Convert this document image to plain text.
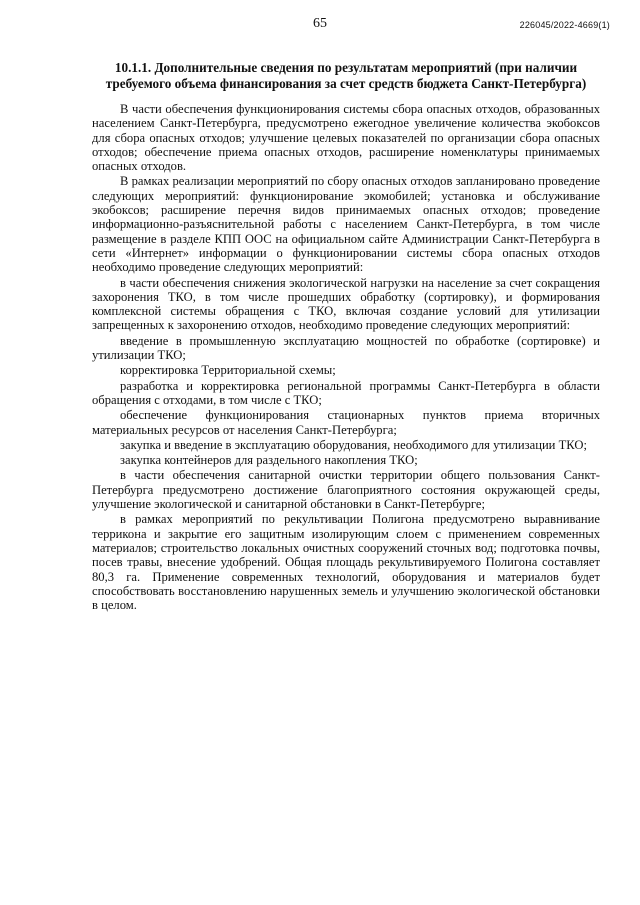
65	226045/2022-4669(1)
10.1.1. Дополнительные сведения по результатам мероприятий (при наличии требуемого объема финансирования за счет средств бюджета Санкт-Петербурга)

В части обеспечения функционирования системы сбора опасных отходов, образованных населением Санкт-Петербурга, предусмотрено ежегодное увеличение количества экобоксов для сбора опасных отходов; улучшение целевых показателей по организации сбора опасных отходов; обеспечение приема опасных отходов, расширение номенклатуры принимаемых опасных отходов.

В рамках реализации мероприятий по сбору опасных отходов запланировано проведение следующих мероприятий: функционирование экомобилей; установка и обслуживание экобоксов; расширение перечня видов принимаемых опасных отходов; проведение информационно-разъяснительной работы с населением Санкт-Петербурга, в том числе размещение в разделе КПП ООС на официальном сайте Администрации Санкт-Петербурга в сети «Интернет» информации о функционировании системы сбора опасных отходов необходимо проведение следующих мероприятий:

в части обеспечения снижения экологической нагрузки на население за счет сокращения захоронения ТКО, в том числе прошедших обработку (сортировку), и формирования комплексной системы обращения с ТКО, включая создание условий для утилизации запрещенных к захоронению отходов, необходимо проведение следующих мероприятий:

введение в промышленную эксплуатацию мощностей по обработке (сортировке) и утилизации ТКО;

корректировка Территориальной схемы;

разработка и корректировка региональной программы Санкт-Петербурга в области обращения с отходами, в том числе с ТКО;

обеспечение функционирования стационарных пунктов приема вторичных материальных ресурсов от населения Санкт-Петербурга;

закупка и введение в эксплуатацию оборудования, необходимого для утилизации ТКО;

закупка контейнеров для раздельного накопления ТКО;

в части обеспечения санитарной очистки территории общего пользования Санкт-Петербурга предусмотрено достижение благоприятного состояния окружающей среды, улучшение экологической и санитарной обстановки в Санкт-Петербурге;

в рамках мероприятий по рекультивации Полигона предусмотрено выравнивание терриконa и закрытие его защитным изолирующим слоем с применением современных материалов; строительство локальных очистных сооружений сточных вод; подготовка почвы, посев травы, внесение удобрений. Общая площадь рекультивируемого Полигона составляет 80,3 га. Применение современных технологий, оборудования и материалов будет способствовать восстановлению нарушенных земель и улучшению экологической обстановки в целом.
